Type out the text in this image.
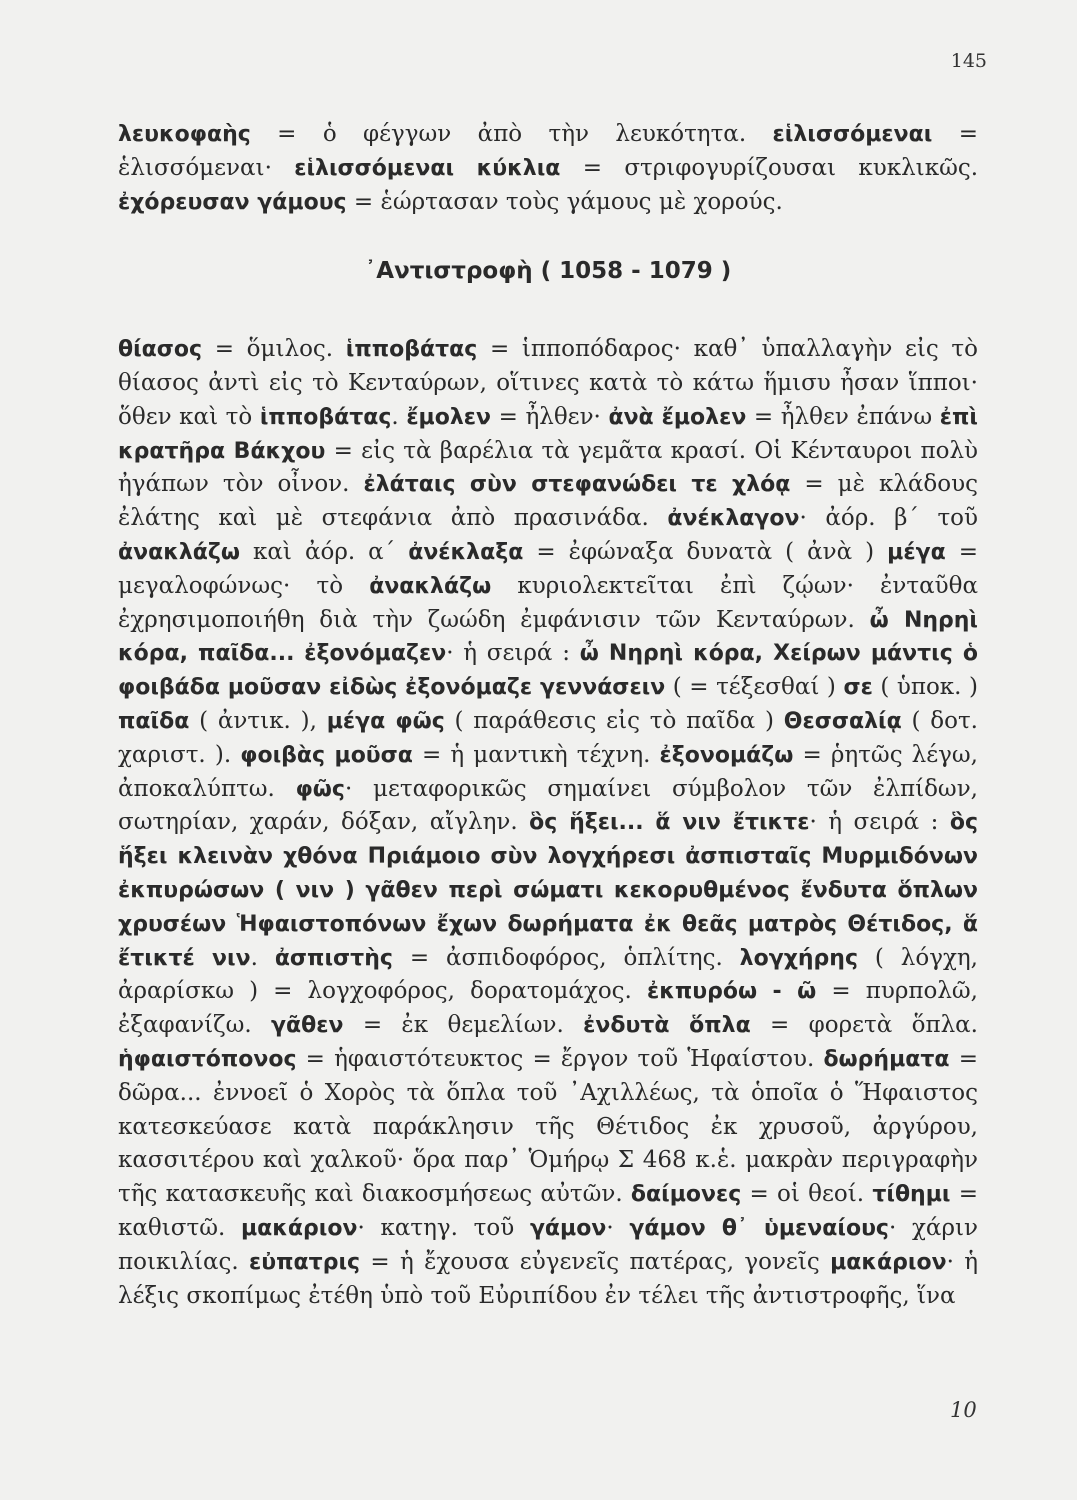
145

λευκοφαὴς = ὁ φέγγων ἀπὸ τὴν λευκότητα. εἱλισσόμεναι = ἑλισσόμεναι· εἱλισσόμεναι κύκλια = στριφογυρίζουσαι κυκλικῶς. ἐχόρευσαν γάμους = ἑώρτασαν τοὺς γάμους μὲ χορούς.

᾿Αντιστροφὴ ( 1058 - 1079 )

θίασος = ὅμιλος. ἱπποβάτας = ἱπποπόδαρος· καθ᾿ ὑπαλλαγὴν εἰς τὸ θίασος ἀντὶ εἰς τὸ Κενταύρων, οἵτινες κατὰ τὸ κάτω ἥμισυ ἦσαν ἵπποι· ὅθεν καὶ τὸ ἱπποβάτας. ἔμολεν = ἦλθεν· ἀνὰ ἔμολεν = ἦλθεν ἐπάνω ἐπὶ κρατῆρα Βάκχου = εἰς τὰ βαρέλια τὰ γεμᾶτα κρασί. Οἱ Κένταυροι πολὺ ἠγάπων τὸν οἶνον. ἐλάταις σὺν στεφανώδει τε χλόᾳ = μὲ κλάδους ἐλάτης καὶ μὲ στεφάνια ἀπὸ πρασινάδα. ἀνέκλαγον· ἀόρ. β´ τοῦ ἀνακλάζω καὶ ἀόρ. α´ ἀνέκλαξα = ἐφώναξα δυνατὰ ( ἀνὰ ) μέγα = μεγαλοφώνως· τὸ ἀνακλάζω κυριολεκτεῖται ἐπὶ ζῴων· ἐνταῦθα ἐχρησιμοποιήθη διὰ τὴν ζωώδη ἐμφάνισιν τῶν Κενταύρων. ὦ Νηρηὶ κόρα, παῖδα... ἐξονόμαζεν· ἡ σειρά : ὦ Νηρηὶ κόρα, Χείρων μάντις ὁ φοιβάδα μοῦσαν εἰδὼς ἐξονόμαζε γεννάσειν ( = τέξεσθαί ) σε ( ὑποκ. ) παῖδα ( ἀντικ. ), μέγα φῶς ( παράθεσις εἰς τὸ παῖδα ) Θεσσαλίᾳ ( δοτ. χαριστ. ). φοιβὰς μοῦσα = ἡ μαντικὴ τέχνη. ἐξονομάζω = ῥητῶς λέγω, ἀποκαλύπτω. φῶς· μεταφορικῶς σημαίνει σύμβολον τῶν ἐλπίδων, σωτηρίαν, χαράν, δόξαν, αἴγλην. ὃς ἥξει... ἅ νιν ἔτικτε· ἡ σειρά : ὃς ἥξει κλεινὰν χθόνα Πριάμοιο σὺν λογχήρεσι ἀσπισταῖς Μυρμιδόνων ἐκπυρώσων ( νιν ) γᾶθεν περὶ σώματι κεκορυθμένος ἔνδυτα ὅπλων χρυσέων Ἡφαιστοπόνων ἔχων δωρήματα ἐκ θεᾶς ματρὸς Θέτιδος, ἅ ἔτικτέ νιν. ἀσπιστὴς = ἀσπιδοφόρος, ὁπλίτης. λογχήρης ( λόγχη, ἀραρίσκω ) = λογχοφόρος, δορατομάχος. ἐκπυρόω - ῶ = πυρπολῶ, ἐξαφανίζω. γᾶθεν = ἐκ θεμελίων. ἐνδυτὰ ὅπλα = φορετὰ ὅπλα. ἡφαιστόπονος = ἡφαιστότευκτος = ἔργον τοῦ Ἡφαίστου. δωρήματα = δῶρα... ἐννοεῖ ὁ Χορὸς τὰ ὅπλα τοῦ ᾿Αχιλλέως, τὰ ὁποῖα ὁ Ἥφαιστος κατεσκεύασε κατὰ παράκλησιν τῆς Θέτιδος ἐκ χρυσοῦ, ἀργύρου, κασσιτέρου καὶ χαλκοῦ· ὅρα παρ᾿ Ὁμήρῳ Σ 468 κ.ἑ. μακρὰν περιγραφὴν τῆς κατασκευῆς καὶ διακοσμήσεως αὐτῶν. δαίμονες = οἱ θεοί. τίθημι = καθιστῶ. μακάριον· κατηγ. τοῦ γάμον· γάμον θ᾿ ὑμεναίους· χάριν ποικιλίας. εὐπατρις = ἡ ἔχουσα εὐγενεῖς πατέρας, γονεῖς μακάριον· ἡ λέξις σκοπίμως ἐτέθη ὑπὸ τοῦ Εὐριπίδου ἐν τέλει τῆς ἀντιστροφῆς, ἵνα

10
